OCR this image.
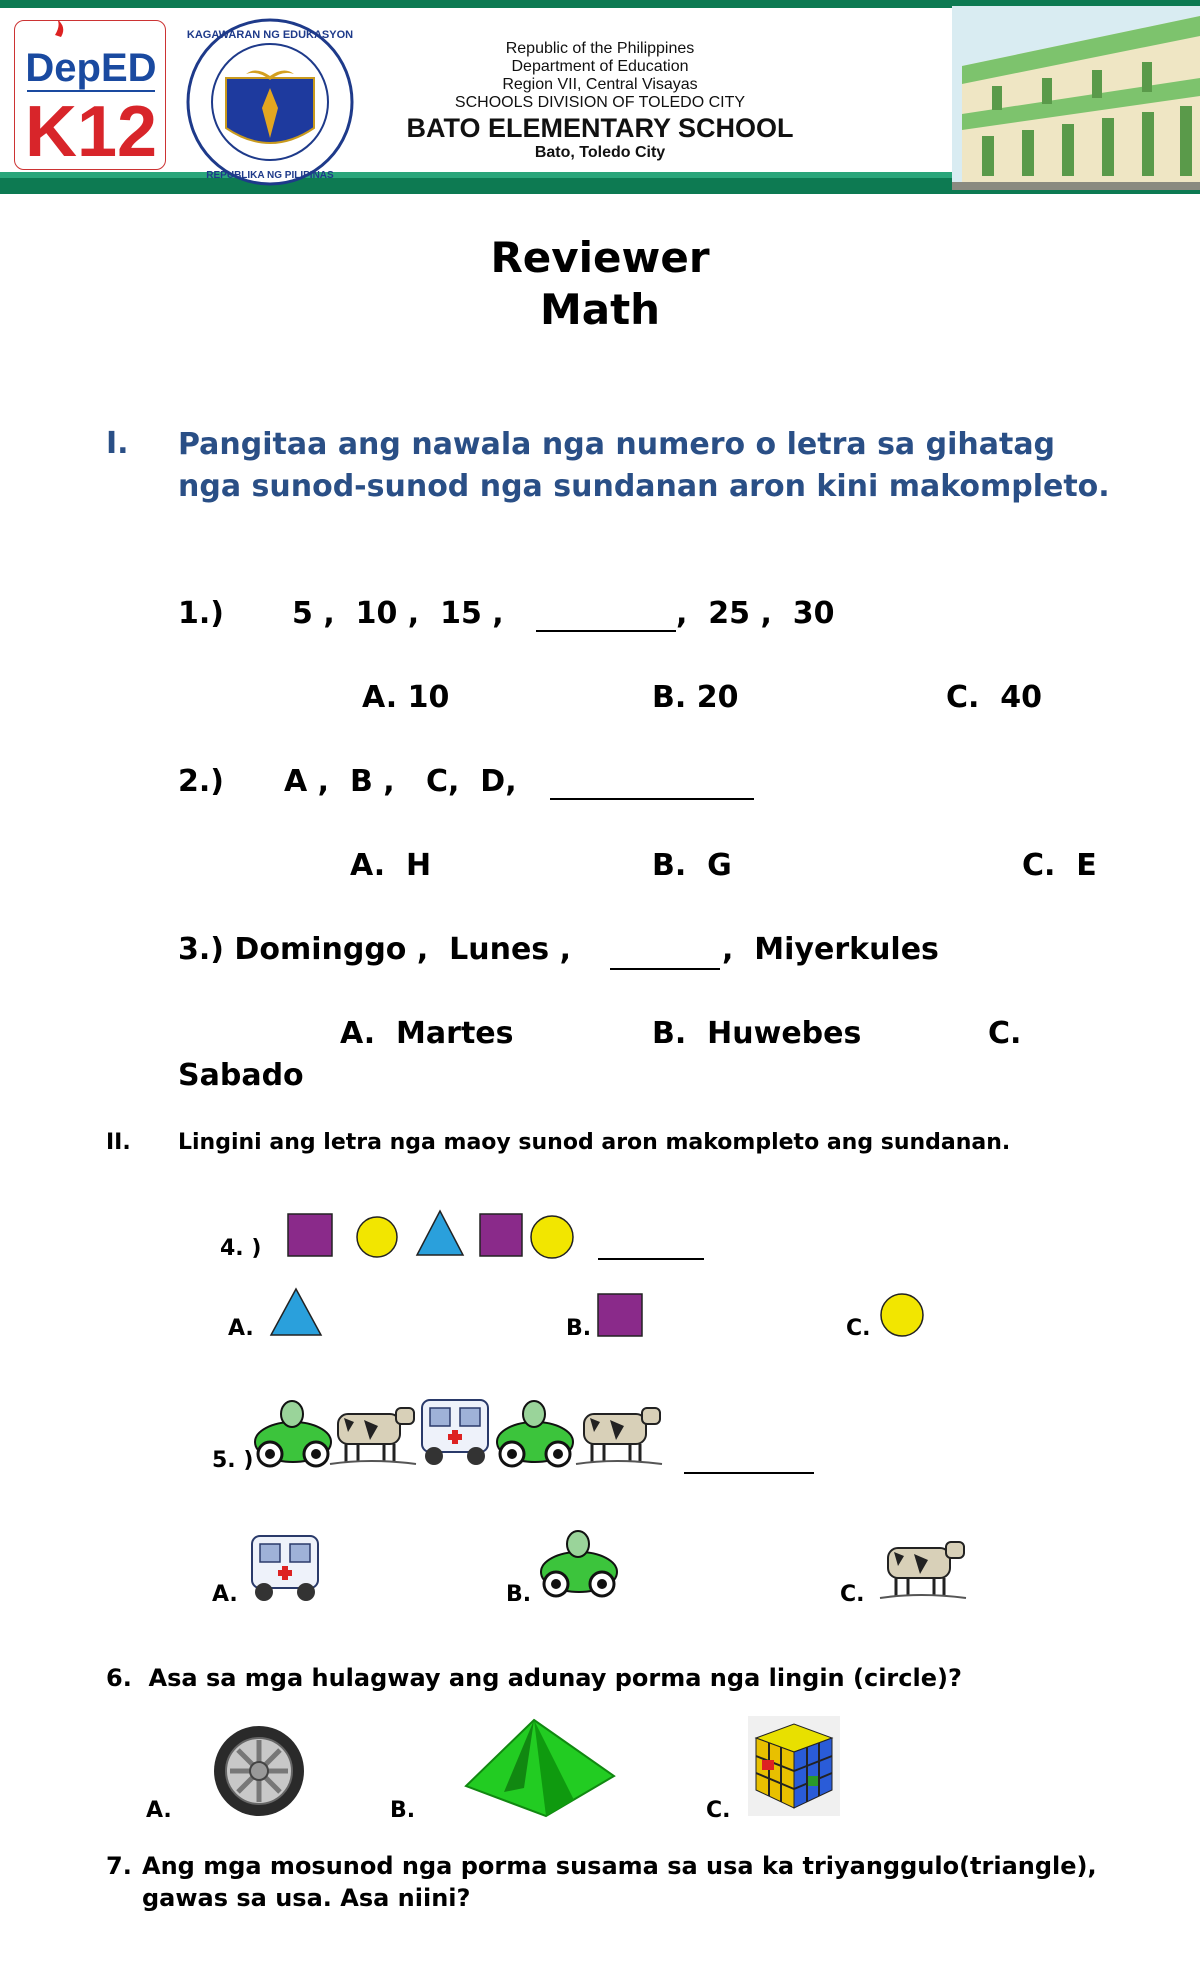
DepED
K12
KAGAWARAN NG EDUKASYON
REPUBLIKA NG PILIPINAS
Republic of the Philippines
Department of Education
Region VII, Central Visayas
SCHOOLS DIVISION OF TOLEDO CITY
BATO ELEMENTARY SCHOOL
Bato, Toledo City
Reviewer
Math
I. Pangitaa ang nawala nga numero o letra sa gihatag nga sunod-sunod nga sundanan aron kini makompleto.
1.) 5 ,  10 ,  15 ,	,  25 ,  30
A. 10	B. 20	C.  40
2.) A ,  B ,   C,  D,
A.  H	B.  G	C.  E
3.) Dominggo ,  Lunes ,	,  Miyerkules
A.  Martes	B.  Huwebes	C.
Sabado
II. Lingini ang letra nga maoy sunod aron makompleto ang sundanan.
4. )
A.	B.	C.
5. )
A.	B.	C.
6.  Asa sa mga hulagway ang adunay porma nga lingin (circle)?
A.	B.	C.
7. Ang mga mosunod nga porma susama sa usa ka triyanggulo(triangle), gawas sa usa. Asa niini?
